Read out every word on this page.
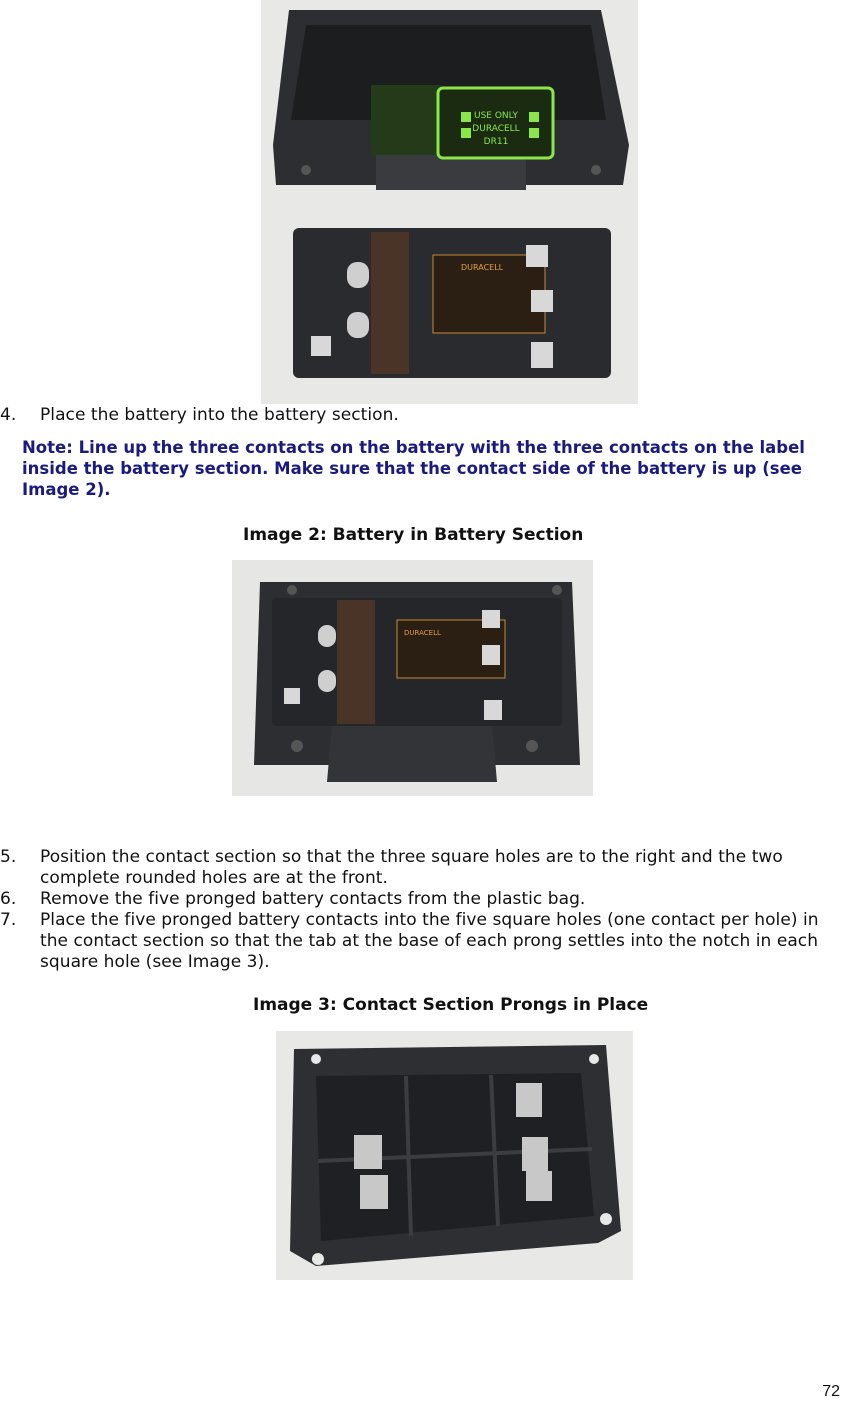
USE ONLY
DURACELL
DR11
DURACELL
4. Place the battery into the battery section.
Note: Line up the three contacts on the battery with the three contacts on the label inside the battery section. Make sure that the contact side of the battery is up (see Image 2).
Image 2: Battery in Battery Section
DURACELL
5. Position the contact section so that the three square holes are to the right and the two complete rounded holes are at the front.
6. Remove the five pronged battery contacts from the plastic bag.
7. Place the five pronged battery contacts into the five square holes (one contact per hole) in the contact section so that the tab at the base of each prong settles into the notch in each square hole (see Image 3).
Image 3: Contact Section Prongs in Place
72
